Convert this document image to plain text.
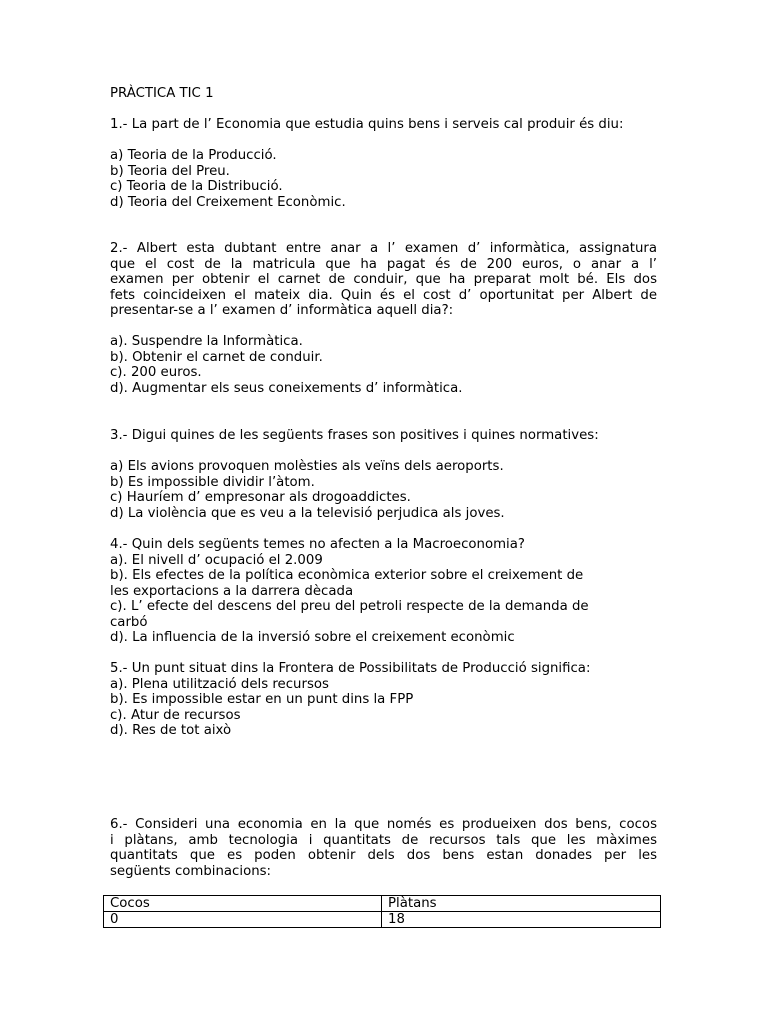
PRÀCTICA TIC 1
1.- La part de l’ Economia que estudia quins bens i serveis cal produir és diu:
a) Teoria de la Producció.
b) Teoria del Preu.
c) Teoria de la Distribució.
d) Teoria del Creixement Econòmic.
2.- Albert esta dubtant entre anar a l’ examen d’ informàtica, assignatura
que el cost de la matricula que ha pagat és de 200 euros, o anar a l’
examen per obtenir el carnet de conduir, que ha preparat molt bé. Els dos
fets coincideixen el mateix dia. Quin és el cost d’ oportunitat per Albert de
presentar-se a l’ examen d’ informàtica aquell dia?:
a). Suspendre la Informàtica.
b). Obtenir el carnet de conduir.
c). 200 euros.
d). Augmentar els seus coneixements d’ informàtica.
3.- Digui quines de les següents frases son positives i quines normatives:
a) Els avions provoquen molèsties als veïns dels aeroports.
b) Es impossible dividir l’àtom.
c) Hauríem d’ empresonar als drogoaddictes.
d) La violència que es veu a la televisió perjudica als joves.
4.- Quin dels següents temes no afecten a la Macroeconomia?
a). El nivell d’ ocupació el 2.009
b). Els efectes de la política econòmica exterior sobre el creixement de
les exportacions a la darrera dècada
c). L’ efecte del descens del preu del petroli respecte de la demanda de
carbó
d). La influencia de la inversió sobre el creixement econòmic
5.- Un punt situat dins la Frontera de Possibilitats de Producció significa:
a). Plena utilització dels recursos
b). Es impossible estar en un punt dins la FPP
c). Atur de recursos
d). Res de tot això
6.- Consideri una economia en la que només es produeixen dos bens, cocos
i plàtans, amb tecnologia i quantitats de recursos tals que les màximes
quantitats que es poden obtenir dels dos bens estan donades per les
següents combinacions:
Cocos	Plàtans
0	18
